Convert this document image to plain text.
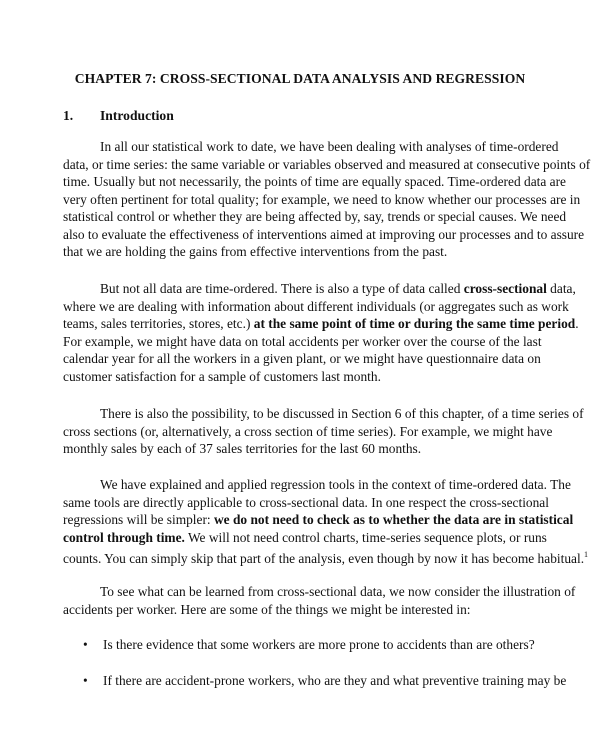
CHAPTER 7: CROSS-SECTIONAL DATA ANALYSIS AND REGRESSION
1. Introduction
In all our statistical work to date, we have been dealing with analyses of time-ordered
data, or time series: the same variable or variables observed and measured at consecutive points of
time. Usually but not necessarily, the points of time are equally spaced. Time-ordered data are
very often pertinent for total quality; for example, we need to know whether our processes are in
statistical control or whether they are being affected by, say, trends or special causes. We need
also to evaluate the effectiveness of interventions aimed at improving our processes and to assure
that we are holding the gains from effective interventions from the past.
But not all data are time-ordered. There is also a type of data called cross-sectional data,
where we are dealing with information about different individuals (or aggregates such as work
teams, sales territories, stores, etc.) at the same point of time or during the same time period.
For example, we might have data on total accidents per worker over the course of the last
calendar year for all the workers in a given plant, or we might have questionnaire data on
customer satisfaction for a sample of customers last month.
There is also the possibility, to be discussed in Section 6 of this chapter, of a time series of
cross sections (or, alternatively, a cross section of time series). For example, we might have
monthly sales by each of 37 sales territories for the last 60 months.
We have explained and applied regression tools in the context of time-ordered data. The
same tools are directly applicable to cross-sectional data. In one respect the cross-sectional
regressions will be simpler: we do not need to check as to whether the data are in statistical
control through time. We will not need control charts, time-series sequence plots, or runs
counts. You can simply skip that part of the analysis, even though by now it has become habitual.$^1$
To see what can be learned from cross-sectional data, we now consider the illustration of
accidents per worker. Here are some of the things we might be interested in:
• Is there evidence that some workers are more prone to accidents than are others?
• If there are accident-prone workers, who are they and what preventive training may be
